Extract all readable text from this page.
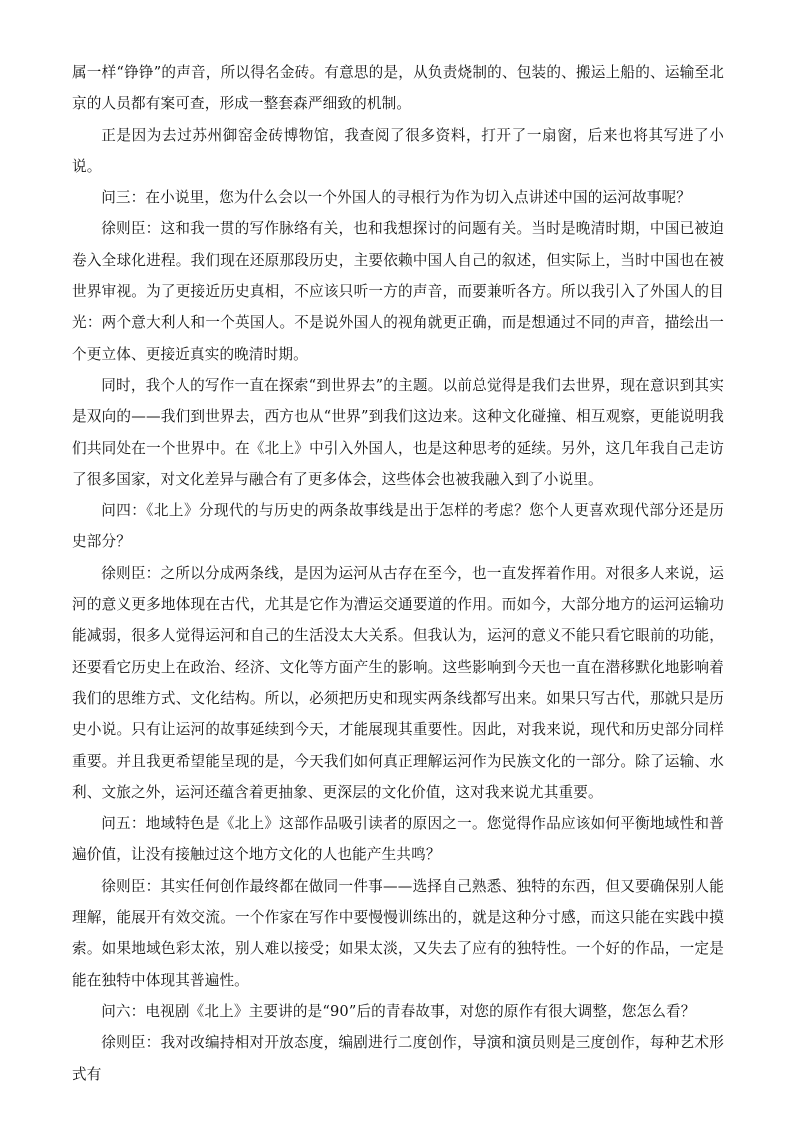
属一样“铮铮”的声音，所以得名金砖。有意思的是，从负责烧制的、包装的、搬运上船的、运输至北京的人员都有案可查，形成一整套森严细致的机制。

正是因为去过苏州御窑金砖博物馆，我查阅了很多资料，打开了一扇窗，后来也将其写进了小说。

问三：在小说里，您为什么会以一个外国人的寻根行为作为切入点讲述中国的运河故事呢？

徐则臣：这和我一贯的写作脉络有关，也和我想探讨的问题有关。当时是晚清时期，中国已被迫卷入全球化进程。我们现在还原那段历史，主要依赖中国人自己的叙述，但实际上，当时中国也在被世界审视。为了更接近历史真相，不应该只听一方的声音，而要兼听各方。所以我引入了外国人的目光：两个意大利人和一个英国人。不是说外国人的视角就更正确，而是想通过不同的声音，描绘出一个更立体、更接近真实的晚清时期。

同时，我个人的写作一直在探索“到世界去”的主题。以前总觉得是我们去世界，现在意识到其实是双向的——我们到世界去，西方也从“世界”到我们这边来。这种文化碰撞、相互观察，更能说明我们共同处在一个世界中。在《北上》中引入外国人，也是这种思考的延续。另外，这几年我自己走访了很多国家，对文化差异与融合有了更多体会，这些体会也被我融入到了小说里。

问四：《北上》分现代的与历史的两条故事线是出于怎样的考虑？您个人更喜欢现代部分还是历史部分？

徐则臣：之所以分成两条线，是因为运河从古存在至今，也一直发挥着作用。对很多人来说，运河的意义更多地体现在古代，尤其是它作为漕运交通要道的作用。而如今，大部分地方的运河运输功能减弱，很多人觉得运河和自己的生活没太大关系。但我认为，运河的意义不能只看它眼前的功能，还要看它历史上在政治、经济、文化等方面产生的影响。这些影响到今天也一直在潜移默化地影响着我们的思维方式、文化结构。所以，必须把历史和现实两条线都写出来。如果只写古代，那就只是历史小说。只有让运河的故事延续到今天，才能展现其重要性。因此，对我来说，现代和历史部分同样重要。并且我更希望能呈现的是，今天我们如何真正理解运河作为民族文化的一部分。除了运输、水利、文旅之外，运河还蕴含着更抽象、更深层的文化价值，这对我来说尤其重要。

问五：地域特色是《北上》这部作品吸引读者的原因之一。您觉得作品应该如何平衡地域性和普遍价值，让没有接触过这个地方文化的人也能产生共鸣？

徐则臣：其实任何创作最终都在做同一件事——选择自己熟悉、独特的东西，但又要确保别人能理解，能展开有效交流。一个作家在写作中要慢慢训练出的，就是这种分寸感，而这只能在实践中摸索。如果地域色彩太浓，别人难以接受；如果太淡，又失去了应有的独特性。一个好的作品，一定是能在独特中体现其普遍性。

问六：电视剧《北上》主要讲的是“90”后的青春故事，对您的原作有很大调整，您怎么看？

徐则臣：我对改编持相对开放态度，编剧进行二度创作，导演和演员则是三度创作，每种艺术形式有
